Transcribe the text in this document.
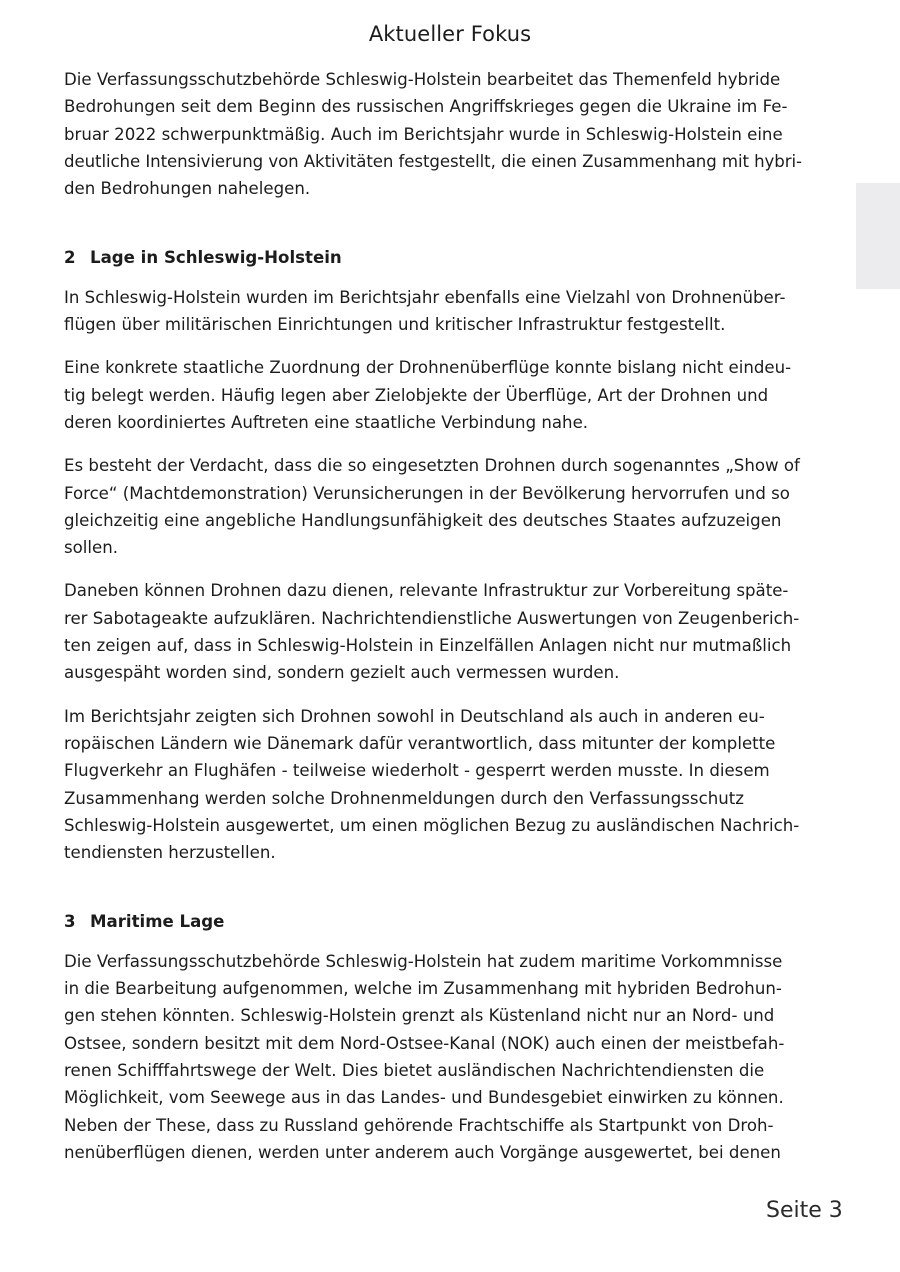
Aktueller Fokus
Die Verfassungsschutzbehörde Schleswig-Holstein bearbeitet das Themenfeld hybride
Bedrohungen seit dem Beginn des russischen Angriffskrieges gegen die Ukraine im Fe-
bruar 2022 schwerpunktmäßig. Auch im Berichtsjahr wurde in Schleswig-Holstein eine
deutliche Intensivierung von Aktivitäten festgestellt, die einen Zusammenhang mit hybri-
den Bedrohungen nahelegen.
2 Lage in Schleswig-Holstein
In Schleswig-Holstein wurden im Berichtsjahr ebenfalls eine Vielzahl von Drohnenüber-
flügen über militärischen Einrichtungen und kritischer Infrastruktur festgestellt.
Eine konkrete staatliche Zuordnung der Drohnenüberflüge konnte bislang nicht eindeu-
tig belegt werden. Häufig legen aber Zielobjekte der Überflüge, Art der Drohnen und
deren koordiniertes Auftreten eine staatliche Verbindung nahe.
Es besteht der Verdacht, dass die so eingesetzten Drohnen durch sogenanntes „Show of
Force“ (Machtdemonstration) Verunsicherungen in der Bevölkerung hervorrufen und so
gleichzeitig eine angebliche Handlungsunfähigkeit des deutsches Staates aufzuzeigen
sollen.
Daneben können Drohnen dazu dienen, relevante Infrastruktur zur Vorbereitung späte-
rer Sabotageakte aufzuklären. Nachrichtendienstliche Auswertungen von Zeugenberich-
ten zeigen auf, dass in Schleswig-Holstein in Einzelfällen Anlagen nicht nur mutmaßlich
ausgespäht worden sind, sondern gezielt auch vermessen wurden.
Im Berichtsjahr zeigten sich Drohnen sowohl in Deutschland als auch in anderen eu-
ropäischen Ländern wie Dänemark dafür verantwortlich, dass mitunter der komplette
Flugverkehr an Flughäfen - teilweise wiederholt - gesperrt werden musste. In diesem
Zusammenhang werden solche Drohnenmeldungen durch den Verfassungsschutz
Schleswig-Holstein ausgewertet, um einen möglichen Bezug zu ausländischen Nachrich-
tendiensten herzustellen.
3 Maritime Lage
Die Verfassungsschutzbehörde Schleswig-Holstein hat zudem maritime Vorkommnisse
in die Bearbeitung aufgenommen, welche im Zusammenhang mit hybriden Bedrohun-
gen stehen könnten. Schleswig-Holstein grenzt als Küstenland nicht nur an Nord- und
Ostsee, sondern besitzt mit dem Nord-Ostsee-Kanal (NOK) auch einen der meistbefah-
renen Schifffahrtswege der Welt. Dies bietet ausländischen Nachrichtendiensten die
Möglichkeit, vom Seewege aus in das Landes- und Bundesgebiet einwirken zu können.
Neben der These, dass zu Russland gehörende Frachtschiffe als Startpunkt von Droh-
nenüberflügen dienen, werden unter anderem auch Vorgänge ausgewertet, bei denen
Seite 3
